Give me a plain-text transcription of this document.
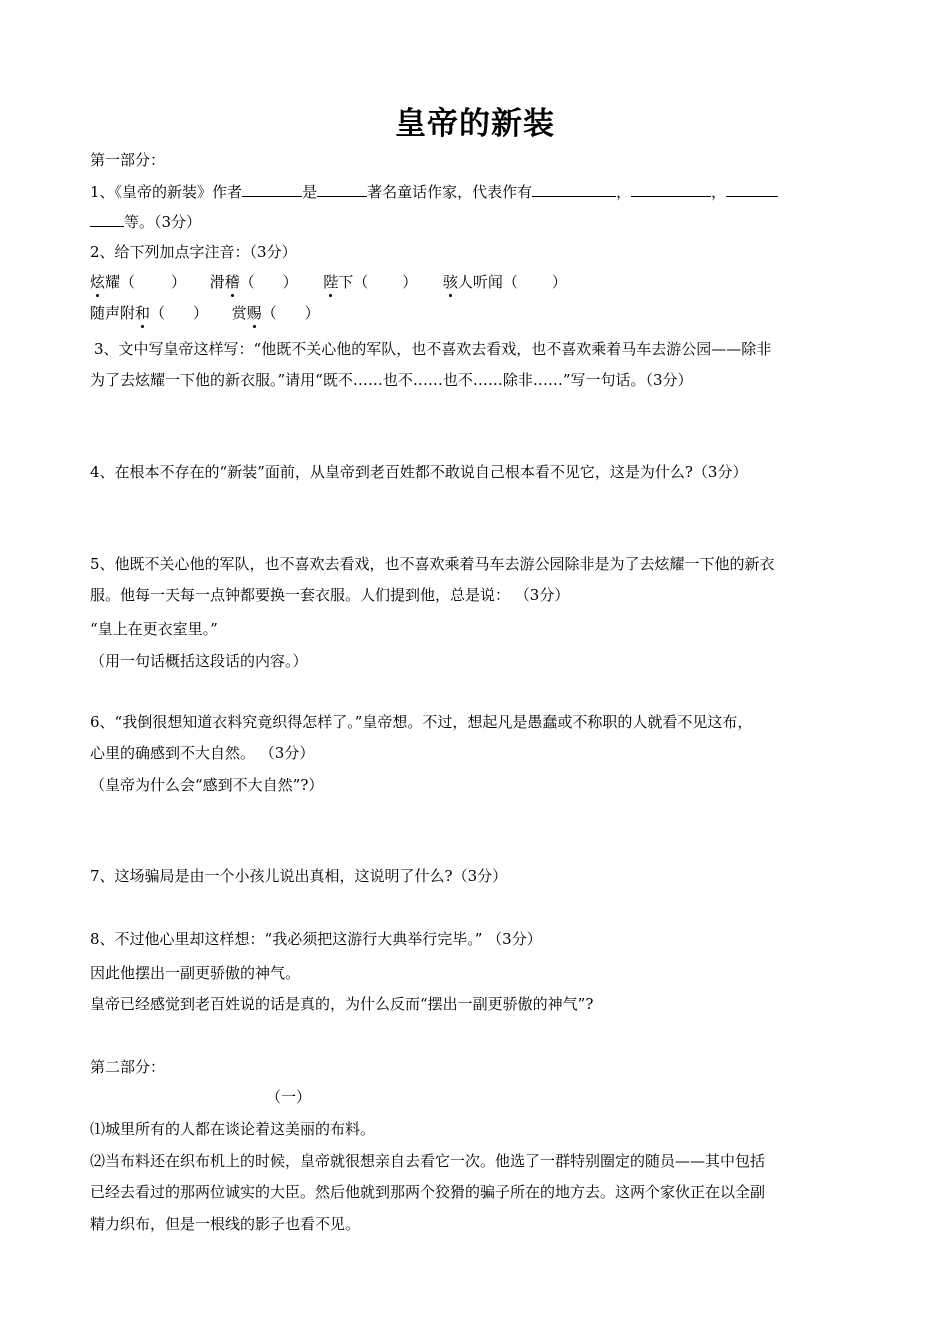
皇帝的新装
第一部分：
1、《皇帝的新装》作者	是	著名童话作家，代表作有	，	，
等。（3分）
2、给下列加点字注音：（3分）
炫耀（ ） 滑稽（ ） 陛下（ ） 骇人听闻（ ）
随声附和（ ） 赏赐（ ）
3、文中写皇帝这样写：“他既不关心他的军队，也不喜欢去看戏，也不喜欢乘着马车去游公园——除非
为了去炫耀一下他的新衣服。”请用“既不……也不……也不……除非……”写一句话。（3分）
4、在根本不存在的“新装”面前，从皇帝到老百姓都不敢说自己根本看不见它，这是为什么?（3分）
5、他既不关心他的军队，也不喜欢去看戏，也不喜欢乘着马车去游公园除非是为了去炫耀一下他的新衣
服。他每一天每一点钟都要换一套衣服。人们提到他，总是说： （3分）
“皇上在更衣室里。”
（用一句话概括这段话的内容。）
6、“我倒很想知道衣料究竟织得怎样了。”皇帝想。不过，想起凡是愚蠢或不称职的人就看不见这布，
心里的确感到不大自然。 （3分）
（皇帝为什么会“感到不大自然”?）
7、这场骗局是由一个小孩儿说出真相，这说明了什么?（3分）
8、不过他心里却这样想：“我必须把这游行大典举行完毕。” （3分）
因此他摆出一副更骄傲的神气。
皇帝已经感觉到老百姓说的话是真的，为什么反而“摆出一副更骄傲的神气”?
第二部分：
（一）
⑴城里所有的人都在谈论着这美丽的布料。
⑵当布料还在织布机上的时候，皇帝就很想亲自去看它一次。他选了一群特别圈定的随员——其中包括
已经去看过的那两位诚实的大臣。然后他就到那两个狡猾的骗子所在的地方去。这两个家伙正在以全副
精力织布，但是一根线的影子也看不见。
